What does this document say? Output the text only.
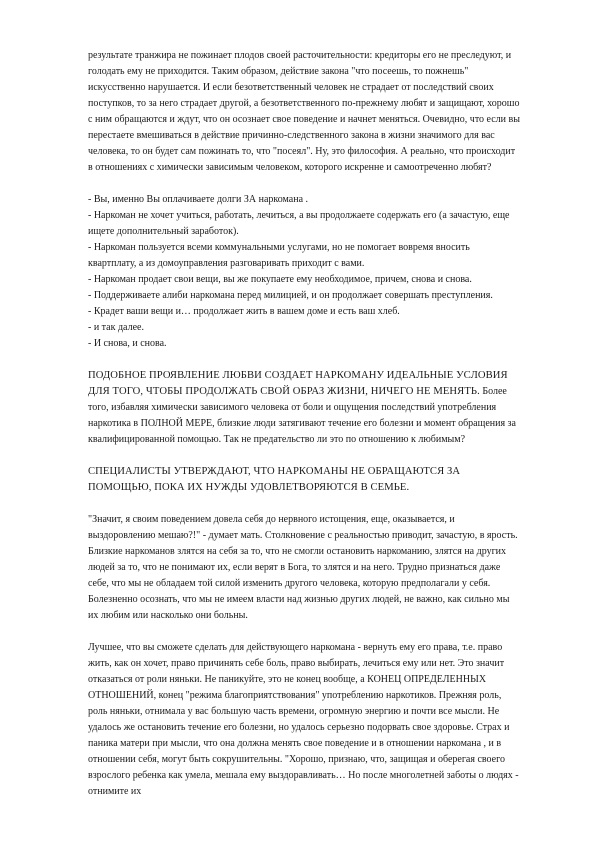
результате транжира не пожинает плодов своей расточительности: кредиторы его не преследуют, и голодать ему не приходится. Таким образом, действие закона "что посеешь, то пожнешь" искусственно нарушается. И если безответственный человек не страдает от последствий своих поступков, то за него страдает другой, а безответственного по-прежнему любят и защищают, хорошо с ним обращаются и ждут, что он осознает свое поведение и начнет меняться. Очевидно, что если вы перестаете вмешиваться в действие причинно-следственного закона в жизни значимого для вас человека, то он будет сам пожинать то, что "посеял". Ну, это философия. А реально, что происходит в отношениях с химически зависимым человеком, которого искренне и самоотреченно любят?

- Вы, именно Вы оплачиваете долги ЗА наркомана .

- Наркоман не хочет учиться, работать, лечиться, а вы продолжаете содержать его (а зачастую, еще ищете дополнительный заработок).

- Наркоман пользуется всеми коммунальными услугами, но не помогает вовремя вносить квартплату, а из домоуправления разговаривать приходит с вами.

- Наркоман продает свои вещи, вы же покупаете ему необходимое, причем, снова и снова.

- Поддерживаете алиби наркомана перед милицией, и он продолжает совершать преступления.

- Крадет ваши вещи и… продолжает жить в вашем доме и есть ваш хлеб.

- и так далее.

- И снова, и снова.

ПОДОБНОЕ ПРОЯВЛЕНИЕ ЛЮБВИ СОЗДАЕТ НАРКОМАНУ ИДЕАЛЬНЫЕ УСЛОВИЯ ДЛЯ ТОГО, ЧТОБЫ ПРОДОЛЖАТЬ СВОЙ ОБРАЗ ЖИЗНИ, НИЧЕГО НЕ МЕНЯТЬ. Более того, избавляя химически зависимого человека от боли и ощущения последствий употребления наркотика в ПОЛНОЙ МЕРЕ, близкие люди затягивают течение его болезни и момент обращения за квалифицированной помощью. Так не предательство ли это по отношению к любимым?

СПЕЦИАЛИСТЫ УТВЕРЖДАЮТ, ЧТО НАРКОМАНЫ НЕ ОБРАЩАЮТСЯ ЗА ПОМОЩЬЮ, ПОКА ИХ НУЖДЫ УДОВЛЕТВОРЯЮТСЯ В СЕМЬЕ.

"Значит, я своим поведением довела себя до нервного истощения, еще, оказывается, и выздоровлению мешаю?!" - думает мать. Столкновение с реальностью приводит, зачастую, в ярость. Близкие наркоманов злятся на себя за то, что не смогли остановить наркоманию, злятся на других людей за то, что не понимают их, если верят в Бога, то злятся и на него. Трудно признаться даже себе, что мы не обладаем той силой изменить другого человека, которую предполагали у себя. Болезненно осознать, что мы не имеем власти над жизнью других людей, не важно, как сильно мы их любим или насколько они больны.

Лучшее, что вы сможете сделать для действующего наркомана - вернуть ему его права, т.е. право жить, как он хочет, право причинять себе боль, право выбирать, лечиться ему или нет. Это значит отказаться от роли няньки. Не паникуйте, это не конец вообще, а КОНЕЦ ОПРЕДЕЛЕННЫХ ОТНОШЕНИЙ, конец "режима благоприятствования" употреблению наркотиков. Прежняя роль, роль няньки, отнимала у вас большую часть времени, огромную энергию и почти все мысли. Не удалось же остановить течение его болезни, но удалось серьезно подорвать свое здоровье. Страх и паника матери при мысли, что она должна менять свое поведение и в отношении наркомана , и в отношении себя, могут быть сокрушительны. "Хорошо, признаю, что, защищая и оберегая своего взрослого ребенка как умела, мешала ему выздоравливать… Но после многолетней заботы о людях - отнимите их
